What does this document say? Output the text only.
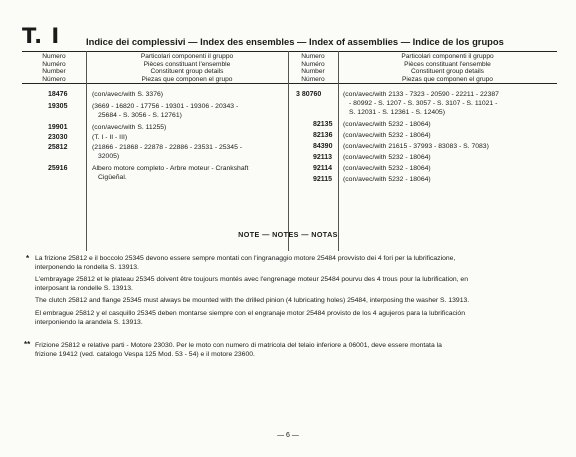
T. I	Indice dei complessivi — Index des ensembles — Index of assemblies — Indice de los grupos
Numero
Numéro
Number
Número
Particolari componenti il gruppo
Pièces constituant l'ensemble
Constituent group details
Piezas que componen el grupo
Numero
Numéro
Number
Número
Particolari componenti il gruppo
Pièces constituant l'ensemble
Constituent group details
Piezas que componen el grupo
18476	(con/avec/with S. 3376)
19305	(3669 - 16820 - 17756 - 19301 - 19306 - 20343 -
25684 - S. 3056 - S. 12761)
19901	(con/avec/with S. 11255)
23030	(T. I - II - III)
25812	(21866 - 21868 - 22878 - 22886 - 23531 - 25345 -
32005)
25916	Albero motore completo - Arbre moteur - Crankshaft
Cigüeñal.
3 80760	(con/avec/with 2133 - 7323 - 20590 - 22211 - 22387
- 80992 - S. 1207 - S. 3057 - S. 3107 - S. 11021 -
S. 12031 - S. 12361 - S. 12405)
82135 (con/avec/with 5232 - 18064)
82136 (con/avec/with 5232 - 18064)
84390 (con/avec/with 21615 - 37993 - 83083 - S. 7083)
92113 (con/avec/with 5232 - 18064)
92114 (con/avec/with 5232 - 18064)
92115 (con/avec/with 5232 - 18064)
NOTE — NOTES — NOTAS
* La frizione 25812 e il boccolo 25345 devono essere sempre montati con l'ingranaggio motore 25484 provvisto dei 4 fori per la lubrificazione,
interponendo la rondella S. 13913.
L'embrayage 25812 et le plateau 25345 doivent être toujours montés avec l'engrenage moteur 25484 pourvu des 4 trous pour la lubrification, en
interposant la rondelle S. 13913.
The clutch 25812 and flange 25345 must always be mounted with the drilled pinion (4 lubricating holes) 25484, interposing the washer S. 13913.
El embrague 25812 y el casquillo 25345 deben montarse siempre con el engranaje motor 25484 provisto de los 4 agujeros para la lubrificación
interponiendo la arandela S. 13913.
** Frizione 25812 e relative parti - Motore 23030. Per le moto con numero di matricola del telaio inferiore a 06001, deve essere montata la
frizione 19412 (ved. catalogo Vespa 125 Mod. 53 - 54) e il motore 23600.
— 6 —
